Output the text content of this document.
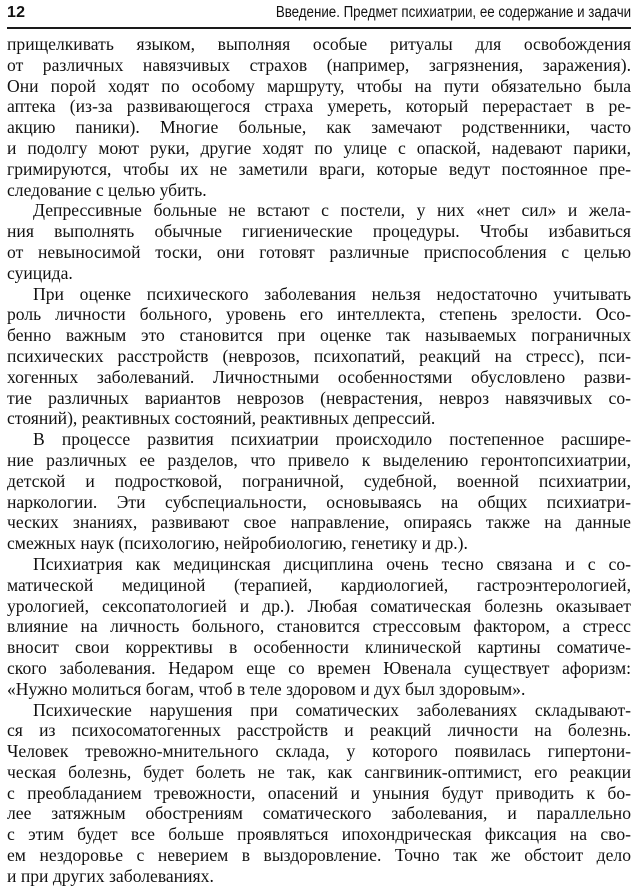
12	Введение. Предмет психиатрии, ее содержание и задачи
прищелкивать языком, выполняя особые ритуалы для освобождения
от различных навязчивых страхов (например, загрязнения, заражения).
Они порой ходят по особому маршруту, чтобы на пути обязательно была
аптека (из-за развивающегося страха умереть, который перерастает в ре-
акцию паники). Многие больные, как замечают родственники, часто
и подолгу моют руки, другие ходят по улице с опаской, надевают парики,
гримируются, чтобы их не заметили враги, которые ведут постоянное пре-
следование с целью убить.
Депрессивные больные не встают с постели, у них «нет сил» и жела-
ния выполнять обычные гигиенические процедуры. Чтобы избавиться
от невыносимой тоски, они готовят различные приспособления с целью
суицида.
При оценке психического заболевания нельзя недостаточно учитывать
роль личности больного, уровень его интеллекта, степень зрелости. Осо-
бенно важным это становится при оценке так называемых пограничных
психических расстройств (неврозов, психопатий, реакций на стресс), пси-
хогенных заболеваний. Личностными особенностями обусловлено разви-
тие различных вариантов неврозов (неврастения, невроз навязчивых со-
стояний), реактивных состояний, реактивных депрессий.
В процессе развития психиатрии происходило постепенное расшире-
ние различных ее разделов, что привело к выделению геронтопсихиатрии,
детской и подростковой, пограничной, судебной, военной психиатрии,
наркологии. Эти субспециальности, основываясь на общих психиатри-
ческих знаниях, развивают свое направление, опираясь также на данные
смежных наук (психологию, нейробиологию, генетику и др.).
Психиатрия как медицинская дисциплина очень тесно связана и с со-
матической медициной (терапией, кардиологией, гастроэнтерологией,
урологией, сексопатологией и др.). Любая соматическая болезнь оказывает
влияние на личность больного, становится стрессовым фактором, а стресс
вносит свои коррективы в особенности клинической картины соматиче-
ского заболевания. Недаром еще со времен Ювенала существует афоризм:
«Нужно молиться богам, чтоб в теле здоровом и дух был здоровым».
Психические нарушения при соматических заболеваниях складывают-
ся из психосоматогенных расстройств и реакций личности на болезнь.
Человек тревожно-мнительного склада, у которого появилась гипертони-
ческая болезнь, будет болеть не так, как сангвиник-оптимист, его реакции
с преобладанием тревожности, опасений и уныния будут приводить к бо-
лее затяжным обострениям соматического заболевания, и параллельно
с этим будет все больше проявляться ипохондрическая фиксация на сво-
ем нездоровье с неверием в выздоровление. Точно так же обстоит дело
и при других заболеваниях.
